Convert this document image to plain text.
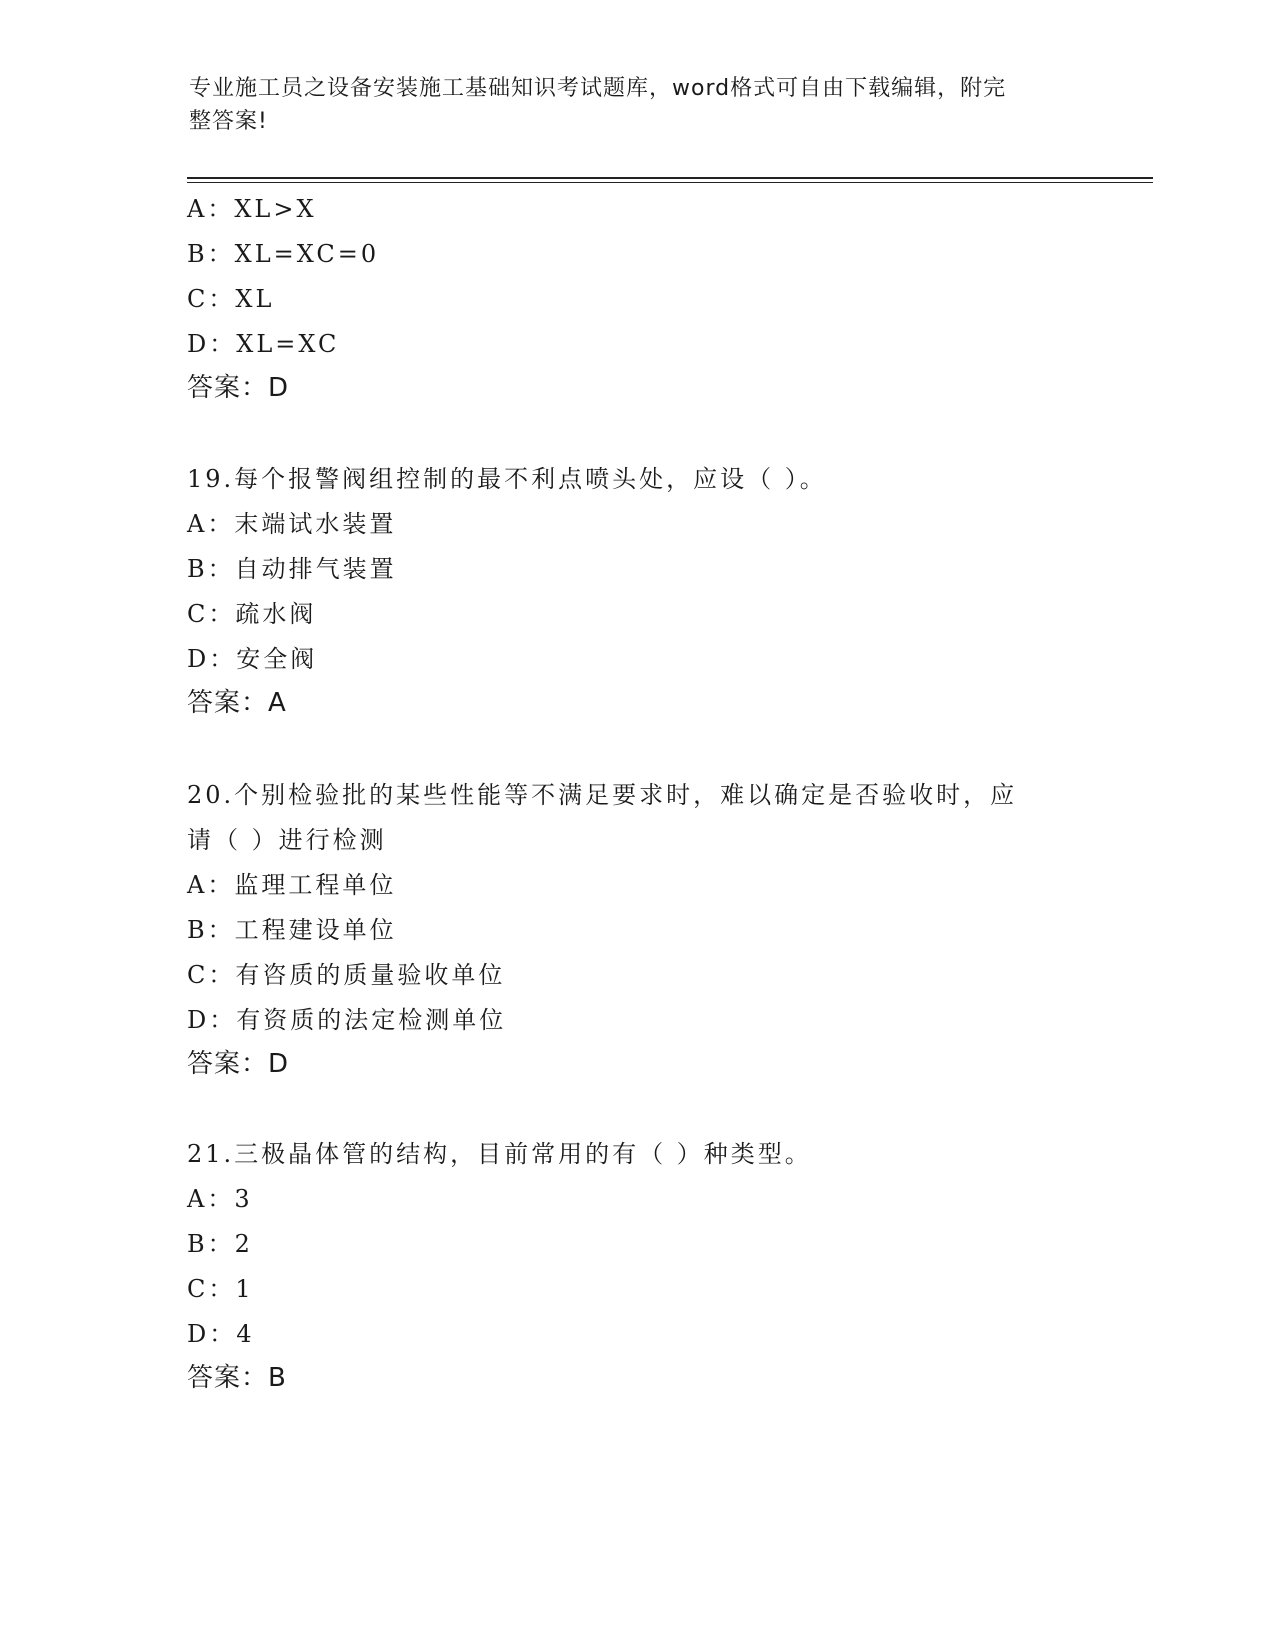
专业施工员之设备安装施工基础知识考试题库，word格式可自由下载编辑，附完
整答案!
A：XL>X
B：XL=XC=0
C：XL
D：XL=XC
答案：D
19.每个报警阀组控制的最不利点喷头处，应设（ ）。
A：末端试水装置
B：自动排气装置
C：疏水阀
D：安全阀
答案：A
20.个别检验批的某些性能等不满足要求时，难以确定是否验收时，应
请（ ）进行检测
A：监理工程单位
B：工程建设单位
C：有咨质的质量验收单位
D：有资质的法定检测单位
答案：D
21.三极晶体管的结构，目前常用的有（ ）种类型。
A：3
B：2
C：1
D：4
答案：B
